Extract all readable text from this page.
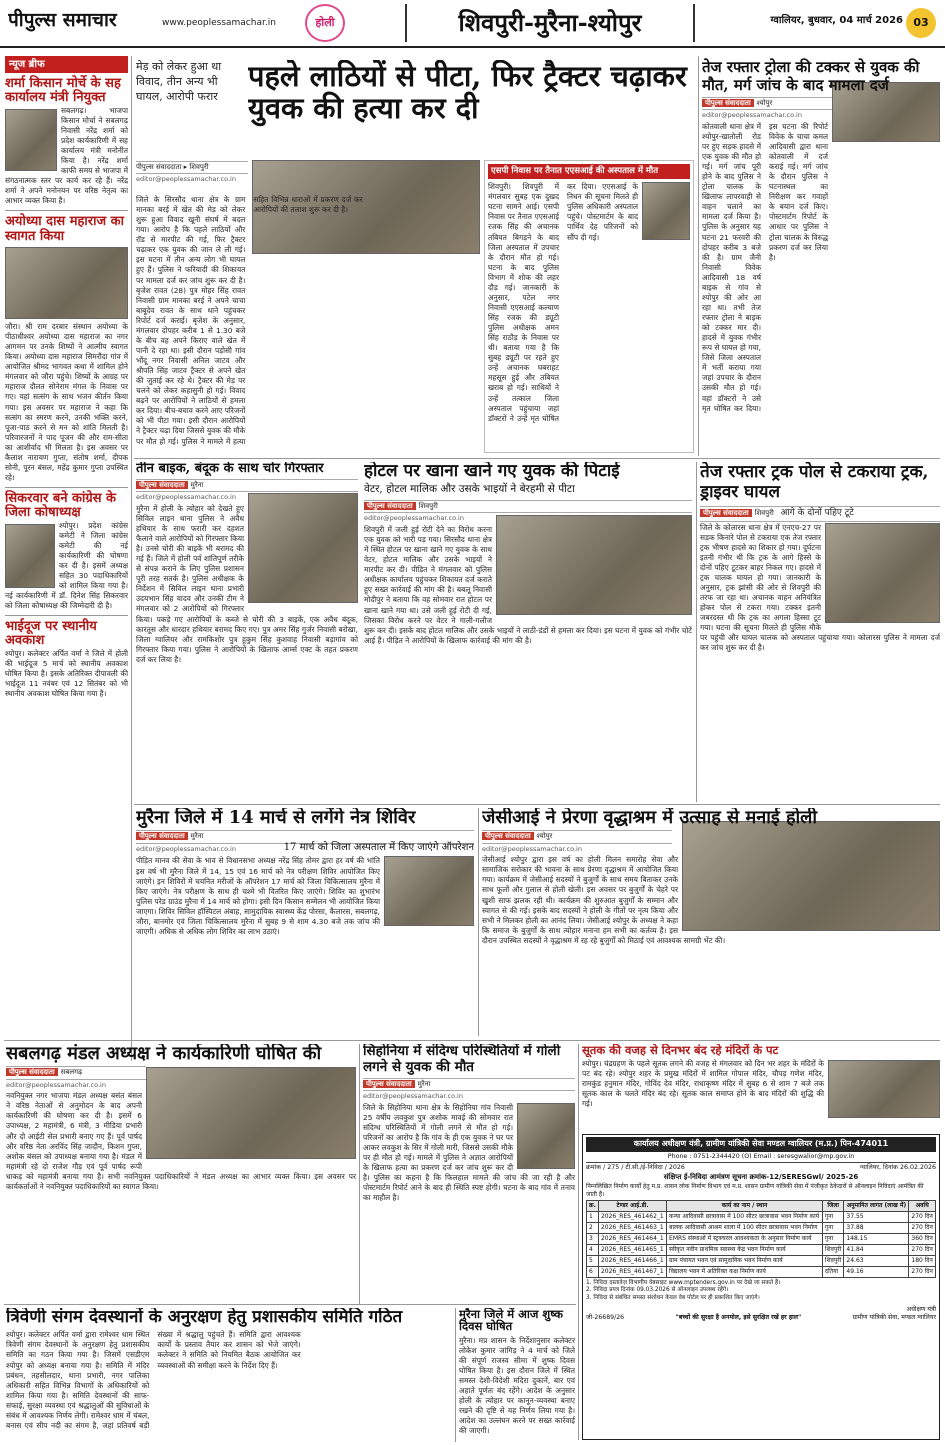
पीपुल्स समाचार	www.peoplessamachar.in	होली	शिवपुरी-मुरैना-श्योपुर	ग्वालियर, बुधवार, 04 मार्च 2026 03
न्यूज ब्रीफ
शर्मा किसान मोर्चे के सह कार्यालय मंत्री नियुक्त
सबलगढ़। भाजपा किसान मोर्चा ने सबलगढ़ निवासी नरेंद्र शर्मा को प्रदेश कार्यकारिणी में सह कार्यालय मंत्री मनोनीत किया है। नरेंद्र शर्मा काफी समय से भाजपा में संगठनात्मक स्तर पर कार्य कर रहे हैं। नरेंद्र शर्मा ने अपने मनोनयन पर वरिष्ठ नेतृत्व का आभार व्यक्त किया है।
अयोध्या दास महाराज का स्वागत किया
जौरा। श्री राम दरबार संस्थान अयोध्या के पीठाधीश्वर अयोध्या दास महाराज का नगर आगमन पर उनके शिष्यों ने आत्मीय स्वागत किया। अयोध्या दास महाराज सिमरौदा गांव में आयोजित श्रीमद भागवत कथा में शामिल होने मंगलवार को जौरा पहुंचे। शिष्यों के आग्रह पर महाराज दौलत सोनेराम मंगल के निवास पर गए। यहां सत्संग के साथ भजन कीर्तन किया गया। इस अवसर पर महाराज ने कहा कि सत्संग का स्मरण करने, उनकी भक्ति करने, पूजा-पाठ करने से मन को शांति मिलती है। परिवारजनों ने पाद पूजन की और राम-सीता का आशीर्वाद भी मिलता है। इस अवसर पर कैलाश नारायण गुप्ता, संतोष शर्मा, दीपक सोनी, पूरन बंसल, महेंद्र कुमार गुप्ता उपस्थित रहे।
सिकरवार बने कांग्रेस के जिला कोषाध्यक्ष
श्योपुर। प्रदेश कांग्रेस कमेटी ने जिला कांग्रेस कमेटी की नई कार्यकारिणी की घोषणा कर दी है। इसमें अध्यक्ष सहित 30 पदाधिकारियों को शामिल किया गया है। नई कार्यकारिणी में डॉ. दिनेश सिंह सिकरवार को जिला कोषाध्यक्ष की जिम्मेदारी दी है।
भाईदूज पर स्थानीय अवकाश
श्योपुर। कलेक्टर अर्पित वर्मा ने जिले में होली की भाईदूज 5 मार्च को स्थानीय अवकाश घोषित किया है। इसके अतिरिक्त दीपावली की भाईदूज 11 नवंबर एवं 12 सितंबर को भी स्थानीय अवकाश घोषित किया गया है।
मेड़ को लेकर हुआ था विवाद, तीन अन्य भी घायल, आरोपी फरार
पहले लाठियों से पीटा, फिर ट्रैक्टर चढ़ाकर युवक की हत्या कर दी
पीपुल्स संवाददाता ▸ शिवपुरी
editor@peoplessamachar.co.in
जिले के सिरसौद थाना क्षेत्र के ग्राम मानका बरई में खेत की मेड़ को लेकर शुरू हुआ विवाद खूनी संघर्ष में बदल गया। आरोप है कि पहले लाठियों और रॉड से मारपीट की गई, फिर ट्रैक्टर चढ़ाकर एक युवक की जान ले ली गई। इस घटना में तीन अन्य लोग भी घायल हुए हैं। पुलिस ने फरियादी की शिकायत पर मामला दर्ज कर जांच शुरू कर दी है। बृजेश रावत (28) पुत्र मोहर सिंह रावत निवासी ग्राम मानका बरई ने अपने चाचा बाबूदेव रावत के साथ थाने पहुंचकर रिपोर्ट दर्ज कराई। बृजेश के अनुसार, मंगलवार दोपहर करीब 1 से 1.30 बजे के बीच वह अपने किराए वाले खेत में पानी दे रहा था। इसी दौरान पड़ोसी गांव भोंदू नगर निवासी अनिल जाटव और श्रीपति सिंह जाटव ट्रैक्टर से अपने खेत की जुताई कर रहे थे। ट्रैक्टर की मेड़ पर चलने को लेकर कहासुनी हो गई। विवाद बढ़ने पर आरोपियों ने लाठियों से हमला कर दिया। बीच-बचाव करने आए परिजनों को भी पीटा गया। इसी दौरान आरोपियों ने ट्रैक्टर चढ़ा दिया जिससे युवक की मौके पर मौत हो गई। पुलिस ने मामले में हत्या सहित विभिन्न धाराओं में प्रकरण दर्ज कर आरोपियों की तलाश शुरू कर दी है।
एसपी निवास पर तैनात एएसआई की अस्पताल में मौत
शिवपुरी। शिवपुरी में मंगलवार सुबह एक दुखद घटना सामने आई। एसपी निवास पर तैनात एएसआई रजक सिंह की अचानक तबियत बिगड़ने के बाद जिला अस्पताल में उपचार के दौरान मौत हो गई। घटना के बाद पुलिस विभाग में शोक की लहर दौड़ गई। जानकारी के अनुसार, पटेल नगर निवासी एएसआई कल्याण सिंह रजक की ड्यूटी पुलिस अधीक्षक अमन सिंह राठौड़ के निवास पर थी। बताया गया है कि सुबह ड्यूटी पर रहते हुए उन्हें अचानक घबराहट महसूस हुई और तबियत खराब हो गई। साथियों ने उन्हें तत्काल जिला अस्पताल पहुंचाया जहां डॉक्टरों ने उन्हें मृत घोषित कर दिया। एएसआई के निधन की सूचना मिलते ही पुलिस अधिकारी अस्पताल पहुंचे। पोस्टमार्टम के बाद पार्थिव देह परिजनों को सौंप दी गई।
तेज रफ्तार ट्रोला की टक्कर से युवक की मौत, मर्ग जांच के बाद मामला दर्ज
पीपुल्स संवाददाता श्योपुर
editor@peoplessamachar.co.in
कोतवाली थाना क्षेत्र में श्योपुर-खातोली रोड पर हुए सड़क हादसे में एक युवक की मौत हो गई। मर्ग जांच पूरी होने के बाद पुलिस ने ट्रोला चालक के खिलाफ लापरवाही से वाहन चलाने का मामला दर्ज किया है। पुलिस के अनुसार यह घटना 21 फरवरी की दोपहर करीब 3 बजे की है। ग्राम जैनी निवासी विवेक आदिवासी 18 वर्ष बाइक से गांव से श्योपुर की ओर आ रहा था। तभी तेज रफ्तार ट्रोला ने बाइक को टक्कर मार दी। हादसे में युवक गंभीर रूप से घायल हो गया, जिसे जिला अस्पताल में भर्ती कराया गया जहां उपचार के दौरान उसकी मौत हो गई। वहां डॉक्टरों ने उसे मृत घोषित कर दिया। इस घटना की रिपोर्ट विवेक के चाचा कमल आदिवासी द्वारा थाना कोतवाली में दर्ज कराई गई। मर्ग जांच के दौरान पुलिस ने घटनास्थल का निरीक्षण कर गवाहों के बयान दर्ज किए। पोस्टमार्टम रिपोर्ट के आधार पर पुलिस ने ट्रोला चालक के विरुद्ध प्रकरण दर्ज कर लिया है।
तीन बाइक, बंदूक के साथ चोर गिरफ्तार
पीपुल्स संवाददाता मुरैना
editor@peoplessamachar.co.in
मुरैना में होली के त्योहार को देखते हुए सिविल लाइन थाना पुलिस ने अवैध हथियार के साथ फरारी कर दहशत फैलाने वाले आरोपियों को गिरफ्तार किया है। उनसे चोरी की बाइकें भी बरामद की गई हैं। जिले में होली पर्व शांतिपूर्ण तरीके से संपन्न कराने के लिए पुलिस प्रशासन पूरी तरह सतर्क है। पुलिस अधीक्षक के निर्देशन में सिविल लाइन थाना प्रभारी उदयभान सिंह यादव और उनकी टीम ने मंगलवार को 2 आरोपियों को गिरफ्तार किया। पकड़े गए आरोपियों के कब्जे से चोरी की 3 बाइकें, एक अवैध बंदूक, कारतूस और धारदार हथियार बरामद किए गए। पुत्र अमर सिंह गुर्जर निवासी बरोखा, जिला ग्वालियर और रामकिशोर पुत्र हुकुम सिंह कुशवाह निवासी बड़ागांव को गिरफ्तार किया गया। पुलिस ने आरोपियों के खिलाफ आर्म्स एक्ट के तहत प्रकरण दर्ज कर लिया है।
होटल पर खाना खाने गए युवक की पिटाई
वेटर, होटल मालिक और उसके भाइयों ने बेरहमी से पीटा
पीपुल्स संवाददाता शिवपुरी
editor@peoplessamachar.co.in
शिवपुरी में जली हुई रोटी देने का विरोध करना एक युवक को भारी पड़ गया। सिरसौद थाना क्षेत्र में स्थित होटल पर खाना खाने गए युवक के साथ वेटर, होटल मालिक और उसके भाइयों ने मारपीट कर दी। पीड़ित ने मंगलवार को पुलिस अधीक्षक कार्यालय पहुंचकर शिकायत दर्ज कराते हुए सख्त कार्रवाई की मांग की है। बबलू निवासी मोदीपुर ने बताया कि वह सोमवार रात होटल पर खाना खाने गया था। उसे जली हुई रोटी दी गई, जिसका विरोध करने पर वेटर ने गाली-गलौज शुरू कर दी। इसके बाद होटल मालिक और उसके भाइयों ने लाठी-डंडों से हमला कर दिया। इस घटना में युवक को गंभीर चोटें आई हैं। पीड़ित ने आरोपियों के खिलाफ कार्रवाई की मांग की है।
तेज रफ्तार ट्रक पोल से टकराया ट्रक, ड्राइवर घायल
पीपुल्स संवाददाता शिवपुरी आगे के दोनों पहिए टूटे
जिले के कोलारस थाना क्षेत्र में एनएच-27 पर सड़क किनारे पोल से टकराया एक तेज रफ्तार ट्रक भीषण हादसे का शिकार हो गया। दुर्घटना इतनी गंभीर थी कि ट्रक के आगे हिस्से के दोनों पहिए टूटकर बाहर निकल गए। हादसे में ट्रक चालक घायल हो गया। जानकारी के अनुसार, ट्रक झांसी की ओर से शिवपुरी की तरफ जा रहा था। अचानक वाहन अनियंत्रित होकर पोल से टकरा गया। टक्कर इतनी जबरदस्त थी कि ट्रक का अगला हिस्सा टूट गया। घटना की सूचना मिलते ही पुलिस मौके पर पहुंची और घायल चालक को अस्पताल पहुंचाया गया। कोलारस पुलिस ने मामला दर्ज कर जांच शुरू कर दी है।
मुरैना जिले में 14 मार्च से लगेंगे नेत्र शिविर
पीपुल्स संवाददाता मुरैना
editor@peoplessamachar.co.in	17 मार्च को जिला अस्पताल में किए जाएंगे ऑपरेशन
पीड़ित मानव की सेवा के भाव से विधानसभा अध्यक्ष नरेंद्र सिंह तोमर द्वारा हर वर्ष की भांति इस वर्ष भी मुरैना जिले में 14, 15 एवं 16 मार्च को नेत्र परीक्षण शिविर आयोजित किए जाएंगे। इन शिविरों में चयनित मरीजों के ऑपरेशन 17 मार्च को जिला चिकित्सालय मुरैना में किए जाएंगे। नेत्र परीक्षण के साथ ही चश्मे भी वितरित किए जाएंगे। शिविर का शुभारंभ पुलिस परेड ग्राउंड मुरैना में 14 मार्च को होगा। इसी दिन किसान सम्मेलन भी आयोजित किया जाएगा। शिविर सिविल हॉस्पिटल अंबाह, सामुदायिक स्वास्थ्य केंद्र पोरसा, कैलारस, सबलगढ़, जौरा, बानमोर एवं जिला चिकित्सालय मुरैना में सुबह 9 से शाम 4.30 बजे तक जांच की जाएगी। अधिक से अधिक लोग शिविर का लाभ उठाएं।
जेसीआई ने प्रेरणा वृद्धाश्रम में उत्साह से मनाई होली
पीपुल्स संवाददाता श्योपुर
editor@peoplessamachar.co.in
जेसीआई श्योपुर द्वारा इस वर्ष का होली मिलन समारोह सेवा और सामाजिक सरोकार की भावना के साथ प्रेरणा वृद्धाश्रम में आयोजित किया गया। कार्यक्रम में जेसीआई सदस्यों ने बुजुर्गों के साथ समय बिताकर उनके साथ फूलों और गुलाल से होली खेली। इस अवसर पर बुजुर्गों के चेहरे पर खुशी साफ झलक रही थी। कार्यक्रम की शुरुआत बुजुर्गों के सम्मान और स्वागत से की गई। इसके बाद सदस्यों ने होली के गीतों पर नृत्य किया और सभी ने मिलकर होली का आनंद लिया। जेसीआई श्योपुर के अध्यक्ष ने कहा कि समाज के बुजुर्गों के साथ त्योहार मनाना हम सभी का कर्तव्य है। इस दौरान उपस्थित सदस्यों ने वृद्धाश्रम में रह रहे बुजुर्गों को मिठाई एवं आवश्यक सामग्री भेंट की।
सबलगढ़ मंडल अध्यक्ष ने कार्यकारिणी घोषित की
पीपुल्स संवाददाता सबलगढ़
editor@peoplessamachar.co.in
नवनियुक्त नगर भाजपा मंडल अध्यक्ष बसंत बंसल ने वरिष्ठ नेताओं से अनुमोदन के बाद अपनी कार्यकारिणी की घोषणा कर दी है। इसमें 6 उपाध्यक्ष, 2 महामंत्री, 6 मंत्री, 3 मीडिया प्रभारी और दो आईटी सेल प्रभारी बनाए गए हैं। पूर्व पार्षद और वरिष्ठ नेता अरविंद सिंह जादौन, किशन गुप्ता, अशोक बंसल को उपाध्यक्ष बनाया गया है। मंडल में महामंत्री रहे दो राजेश गौड़ एवं पूर्व पार्षद रूपी धाकड़ को महामंत्री बनाया गया है। सभी नवनियुक्त पदाधिकारियों ने मंडल अध्यक्ष का आभार व्यक्त किया। इस अवसर पर कार्यकर्ताओं ने नवनियुक्त पदाधिकारियों का स्वागत किया।
सिहोनिया में संदिग्ध परिस्थितियों में गोली लगने से युवक की मौत
पीपुल्स संवाददाता मुरैना
editor@peoplessamachar.co.in
जिले के सिहोनिया थाना क्षेत्र के सिहोनिया गांव निवासी 25 वर्षीय लवकुश पुत्र अशोक मावई की सोमवार रात संदिग्ध परिस्थितियों में गोली लगने से मौत हो गई। परिजनों का आरोप है कि गांव के ही एक युवक ने घर पर आकर लवकुश के सिर में गोली मारी, जिससे उसकी मौके पर ही मौत हो गई। मामले में पुलिस ने अज्ञात आरोपियों के खिलाफ हत्या का प्रकरण दर्ज कर जांच शुरू कर दी है। पुलिस का कहना है कि फिलहाल मामले की जांच की जा रही है और पोस्टमार्टम रिपोर्ट आने के बाद ही स्थिति स्पष्ट होगी। घटना के बाद गांव में तनाव का माहौल है।
सूतक की वजह से दिनभर बंद रहे मंदिरों के पट
श्योपुर। चंद्रग्रहण के पहले सूतक लगने की वजह से मंगलवार को दिन भर शहर के मंदिरों के पट बंद रहे। श्योपुर शहर के प्रमुख मंदिरों में शामिल गोपाल मंदिर, चौपड़ गणेश मंदिर, रामकुंड हनुमान मंदिर, गोविंद देव मंदिर, राधाकृष्ण मंदिर में सुबह 6 से शाम 7 बजे तक सूतक काल के चलते मंदिर बंद रहे। सूतक काल समाप्त होने के बाद मंदिरों की शुद्धि की गई।
कार्यालय अधीक्षण यंत्री, ग्रामीण यांत्रिकी सेवा मण्डल ग्वालियर (म.प्र.) पिन-474011
Phone : 0751-2344420 (O) Email : seresgwalior@mp.gov.in
क्रमांक / 275 / टी.सी./ई-निविदा / 2026	ग्वालियर, दिनांक 26.02.2026
संक्षिप्त ई-निविदा आमंत्रण सूचना क्रमांक-12/SERESGwl/ 2025-26
निम्नलिखित निर्माण कार्यों हेतु म.प्र. शासन लोक निर्माण विभाग एवं म.प्र. शासन ग्रामीण यांत्रिकी सेवा में पंजीकृत ठेकेदारों से ऑनलाइन निविदाएं आमंत्रित की जाती हैं।
क्र.	टेण्डर आई.डी.	कार्य का नाम / स्थान	जिला	अनुमानित लागत (लाख में)	अवधि
1	2026_RES_461462_1	कन्या आदिवासी छात्रावास में 100 सीटर छात्रावास भवन निर्माण कार्य	गुना	37.55	270 दिन
2	2026_RES_461463_1	बालक आदिवासी आश्रम शाला में 100 सीटर छात्रावास भवन निर्माण	गुना	37.88	270 दिन
3	2026_RES_461464_1	EMRS संस्थाओं में स्ट्रक्चरल आवश्यकता के अनुसार निर्माण कार्य	गुना	148.15	360 दिन
4	2026_RES_461465_1	स्वीकृत नवीन प्राथमिक स्वास्थ्य केंद्र भवन निर्माण कार्य	शिवपुरी	41.84	270 दिन
5	2026_RES_461466_1	ग्राम पंचायत भवन एवं सामुदायिक भवन निर्माण कार्य	शिवपुरी	24.63	180 दिन
6	2026_RES_461467_1	विद्यालय भवन में अतिरिक्त कक्ष निर्माण कार्य	दतिया	49.16	270 दिन
1. निविदा दस्तावेज़ विभागीय वेबसाइट www.mptenders.gov.in पर देखे जा सकते हैं।
2. निविदा प्रपत्र दिनांक 09.03.2026 से ऑनलाइन उपलब्ध रहेंगे।
3. निविदा से संबंधित समस्त संशोधन केवल वेब पोर्टल पर ही प्रकाशित किए जाएंगे।
जी-26689/26	"बच्चों की सुरक्षा है अनमोल, इसे सुरक्षित रखें हर हाल"
अधीक्षण यंत्री
ग्रामीण यांत्रिकी सेवा, मण्डल ग्वालियर
त्रिवेणी संगम देवस्थानों के अनुरक्षण हेतु प्रशासकीय समिति गठित
श्योपुर। कलेक्टर अर्पित वर्मा द्वारा रामेश्वर धाम स्थित त्रिवेणी संगम देवस्थानों के अनुरक्षण हेतु प्रशासकीय समिति का गठन किया गया है। जिसमें एसडीएम श्योपुर को अध्यक्ष बनाया गया है। समिति में मंदिर प्रबंधन, तहसीलदार, थाना प्रभारी, नगर पालिका अधिकारी सहित विभिन्न विभागों के अधिकारियों को शामिल किया गया है। समिति देवस्थानों की साफ-सफाई, सुरक्षा व्यवस्था एवं श्रद्धालुओं की सुविधाओं के संबंध में आवश्यक निर्णय लेगी। रामेश्वर धाम में चंबल, बनास एवं सीप नदी का संगम है, जहां प्रतिवर्ष बड़ी संख्या में श्रद्धालु पहुंचते हैं। समिति द्वारा आवश्यक कार्यों के प्रस्ताव तैयार कर शासन को भेजे जाएंगे। कलेक्टर ने समिति को नियमित बैठक आयोजित कर व्यवस्थाओं की समीक्षा करने के निर्देश दिए हैं।
मुरैना जिले में आज शुष्क दिवस घोषित
मुरैना। मप्र शासन के निर्देशानुसार कलेक्टर लोकेश कुमार जांगिड़ ने 4 मार्च को जिले की संपूर्ण राजस्व सीमा में शुष्क दिवस घोषित किया है। इस दौरान जिले में स्थित समस्त देशी-विदेशी मदिरा दुकानें, बार एवं अहाते पूर्णतः बंद रहेंगे। आदेश के अनुसार होली के त्योहार पर कानून-व्यवस्था बनाए रखने की दृष्टि से यह निर्णय लिया गया है। आदेश का उल्लंघन करने पर सख्त कार्रवाई की जाएगी।
